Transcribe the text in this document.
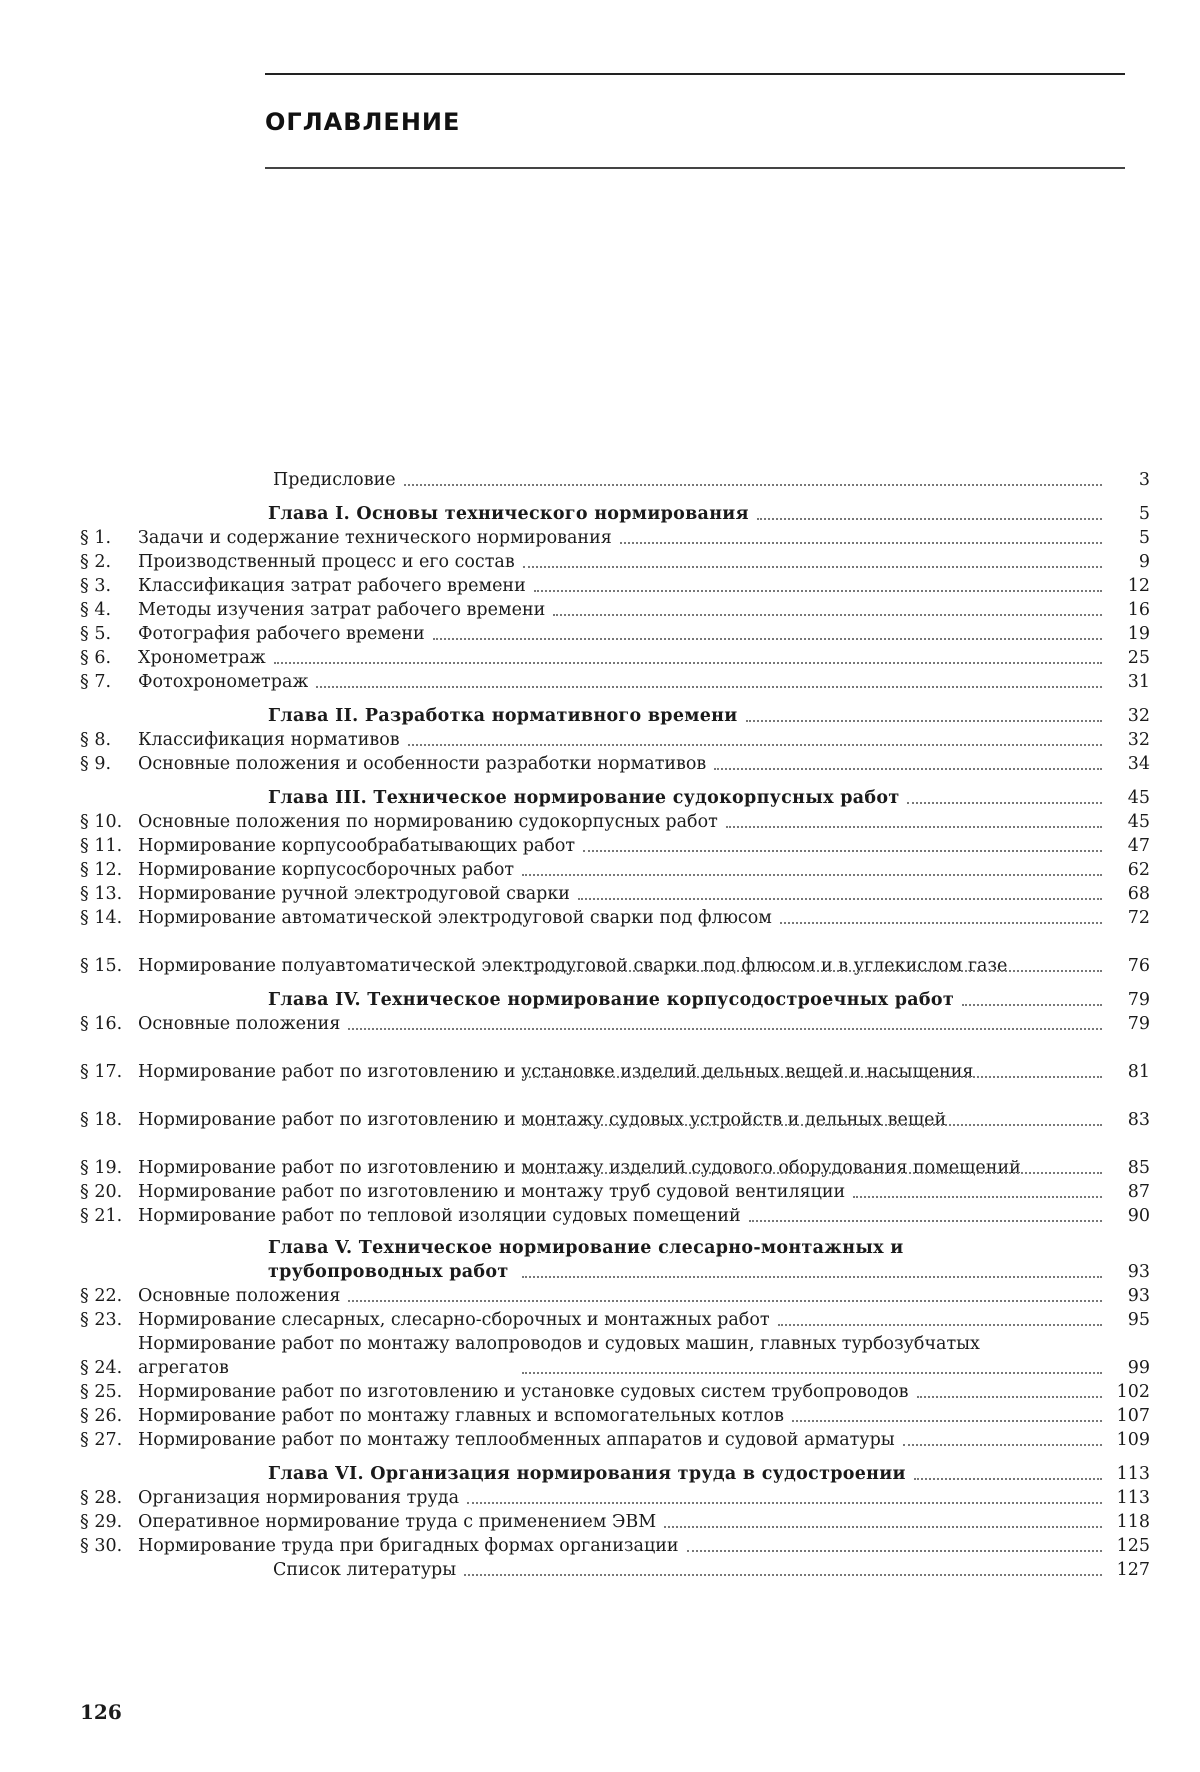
ОГЛАВЛЕНИЕ
Предисловие	3
Глава I. Основы технического нормирования	5
§ 1.	Задачи и содержание технического нормирования	5
§ 2.	Производственный процесс и его состав	9
§ 3.	Классификация затрат рабочего времени	12
§ 4.	Методы изучения затрат рабочего времени	16
§ 5.	Фотография рабочего времени	19
§ 6.	Хронометраж	25
§ 7.	Фотохронометраж	31
Глава II. Разработка нормативного времени	32
§ 8.	Классификация нормативов	32
§ 9.	Основные положения и особенности разработки нормативов	34
Глава III. Техническое нормирование судокорпусных работ	45
§ 10. Основные положения по нормированию судокорпусных работ	45
§ 11. Нормирование корпусообрабатывающих работ	47
§ 12. Нормирование корпусосборочных работ	62
§ 13. Нормирование ручной электродуговой сварки	68
§ 14. Нормирование автоматической электродуговой сварки под флюсом	72
§ 15. Нормирование полуавтоматической электродуговой сварки под флюсом и в углекислом газе	76
Глава IV. Техническое нормирование корпусодостроечных работ	79
§ 16. Основные положения	79
§ 17. Нормирование работ по изготовлению и установке изделий дельных вещей и насыщения	81
§ 18. Нормирование работ по изготовлению и монтажу судовых устройств и дельных вещей	83
§ 19. Нормирование работ по изготовлению и монтажу изделий судового оборудования помещений	85
§ 20. Нормирование работ по изготовлению и монтажу труб судовой вентиляции	87
§ 21. Нормирование работ по тепловой изоляции судовых помещений	90
Глава V. Техническое нормирование слесарно-монтажных и трубопроводных работ	93
§ 22. Основные положения	93
§ 23. Нормирование слесарных, слесарно-сборочных и монтажных работ	95
§ 24.
Нормирование работ по монтажу валопроводов и судовых машин, главных турбозубчатых агрегатов	99
§ 25. Нормирование работ по изготовлению и установке судовых систем трубопроводов	102
§ 26. Нормирование работ по монтажу главных и вспомогательных котлов	107
§ 27. Нормирование работ по монтажу теплообменных аппаратов и судовой арматуры	109
Глава VI. Организация нормирования труда в судостроении	113
§ 28. Организация нормирования труда	113
§ 29. Оперативное нормирование труда с применением ЭВМ	118
§ 30. Нормирование труда при бригадных формах организации	125
Список литературы	127
126
